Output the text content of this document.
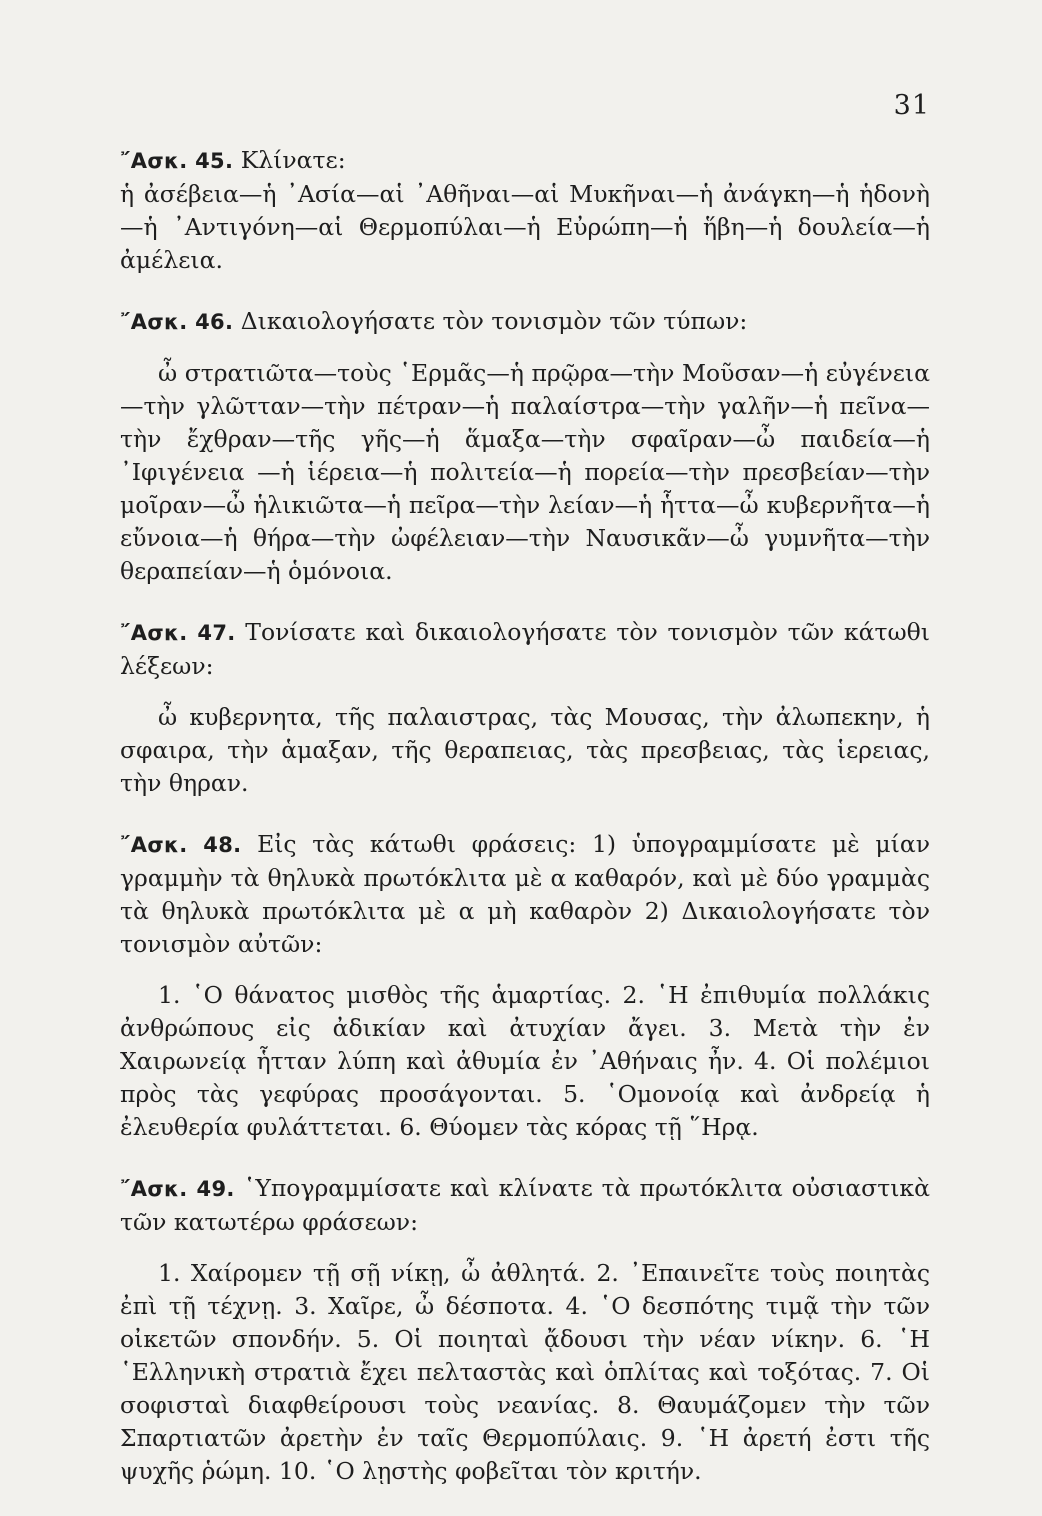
31

῎Ασκ. 45. Κλίνατε:

ἡ ἀσέβεια—ἡ ᾿Ασία—αἱ ᾿Αθῆναι—αἱ Μυκῆναι—ἡ ἀνάγκη—ἡ ἡδονὴ—ἡ ᾿Αντιγόνη—αἱ Θερμοπύλαι—ἡ Εὐρώπη—ἡ ἥβη—ἡ δουλεία—ἡ ἀμέλεια.

῎Ασκ. 46. Δικαιολογήσατε τὸν τονισμὸν τῶν τύπων:

ὦ στρατιῶτα—τοὺς ῾Ερμᾶς—ἡ πρῷρα—τὴν Μοῦσαν—ἡ εὐγένεια —τὴν γλῶτταν—τὴν πέτραν—ἡ παλαίστρα—τὴν γαλῆν—ἡ πεῖνα—τὴν ἔχθραν—τῆς γῆς—ἡ ἅμαξα—τὴν σφαῖραν—ὦ παιδεία—ἡ ᾿Ιφιγένεια —ἡ ἱέρεια—ἡ πολιτεία—ἡ πορεία—τὴν πρεσβείαν—τὴν μοῖραν—ὦ ἡλικιῶτα—ἡ πεῖρα—τὴν λείαν—ἡ ἧττα—ὦ κυβερνῆτα—ἡ εὔνοια—ἡ θήρα—τὴν ὠφέλειαν—τὴν Ναυσικᾶν—ὦ γυμνῆτα—τὴν θεραπείαν—ἡ ὁμόνοια.

῎Ασκ. 47. Τονίσατε καὶ δικαιολογήσατε τὸν τονισμὸν τῶν κάτωθι λέξεων:

ὦ κυβερνητα, τῆς παλαιστρας, τὰς Μουσας, τὴν ἀλωπεκην, ἡ σφαιρα, τὴν ἁμαξαν, τῆς θεραπειας, τὰς πρεσβειας, τὰς ἱερειας, τὴν θηραν.

῎Ασκ. 48. Εἰς τὰς κάτωθι φράσεις: 1) ὑπογραμμίσατε μὲ μίαν γραμμὴν τὰ θηλυκὰ πρωτόκλιτα μὲ α καθαρόν, καὶ μὲ δύο γραμμὰς τὰ θηλυκὰ πρωτόκλιτα μὲ α μὴ καθαρὸν 2) Δικαιολογήσατε τὸν τονισμὸν αὐτῶν:

1. ῾Ο θάνατος μισθὸς τῆς ἁμαρτίας. 2. ῾Η ἐπιθυμία πολλάκις ἀνθρώπους εἰς ἀδικίαν καὶ ἀτυχίαν ἄγει. 3. Μετὰ τὴν ἐν Χαιρωνείᾳ ἧτταν λύπη καὶ ἀθυμία ἐν ᾿Αθήναις ἦν. 4. Οἱ πολέμιοι πρὸς τὰς γεφύρας προσάγονται. 5. ῾Ομονοίᾳ καὶ ἀνδρείᾳ ἡ ἐλευθερία φυλάττεται. 6. Θύομεν τὰς κόρας τῇ ῞Ηρᾳ.

῎Ασκ. 49. ῾Υπογραμμίσατε καὶ κλίνατε τὰ πρωτόκλιτα οὐσιαστικὰ τῶν κατωτέρω φράσεων:

1. Χαίρομεν τῇ σῇ νίκῃ, ὦ ἀθλητά. 2. ᾿Επαινεῖτε τοὺς ποιητὰς ἐπὶ τῇ τέχνῃ. 3. Χαῖρε, ὦ δέσποτα. 4. ῾Ο δεσπότης τιμᾷ τὴν τῶν οἰκετῶν σπονδήν. 5. Οἱ ποιηταὶ ᾄδουσι τὴν νέαν νίκην. 6. ῾Η ῾Ελληνικὴ στρατιὰ ἔχει πελταστὰς καὶ ὁπλίτας καὶ τοξότας. 7. Οἱ σοφισταὶ διαφθείρουσι τοὺς νεανίας. 8. Θαυμάζομεν τὴν τῶν Σπαρτιατῶν ἀρετὴν ἐν ταῖς Θερμοπύλαις. 9. ῾Η ἀρετή ἐστι τῆς ψυχῆς ῥώμη. 10. ῾Ο λῃστὴς φοβεῖται τὸν κριτήν.
